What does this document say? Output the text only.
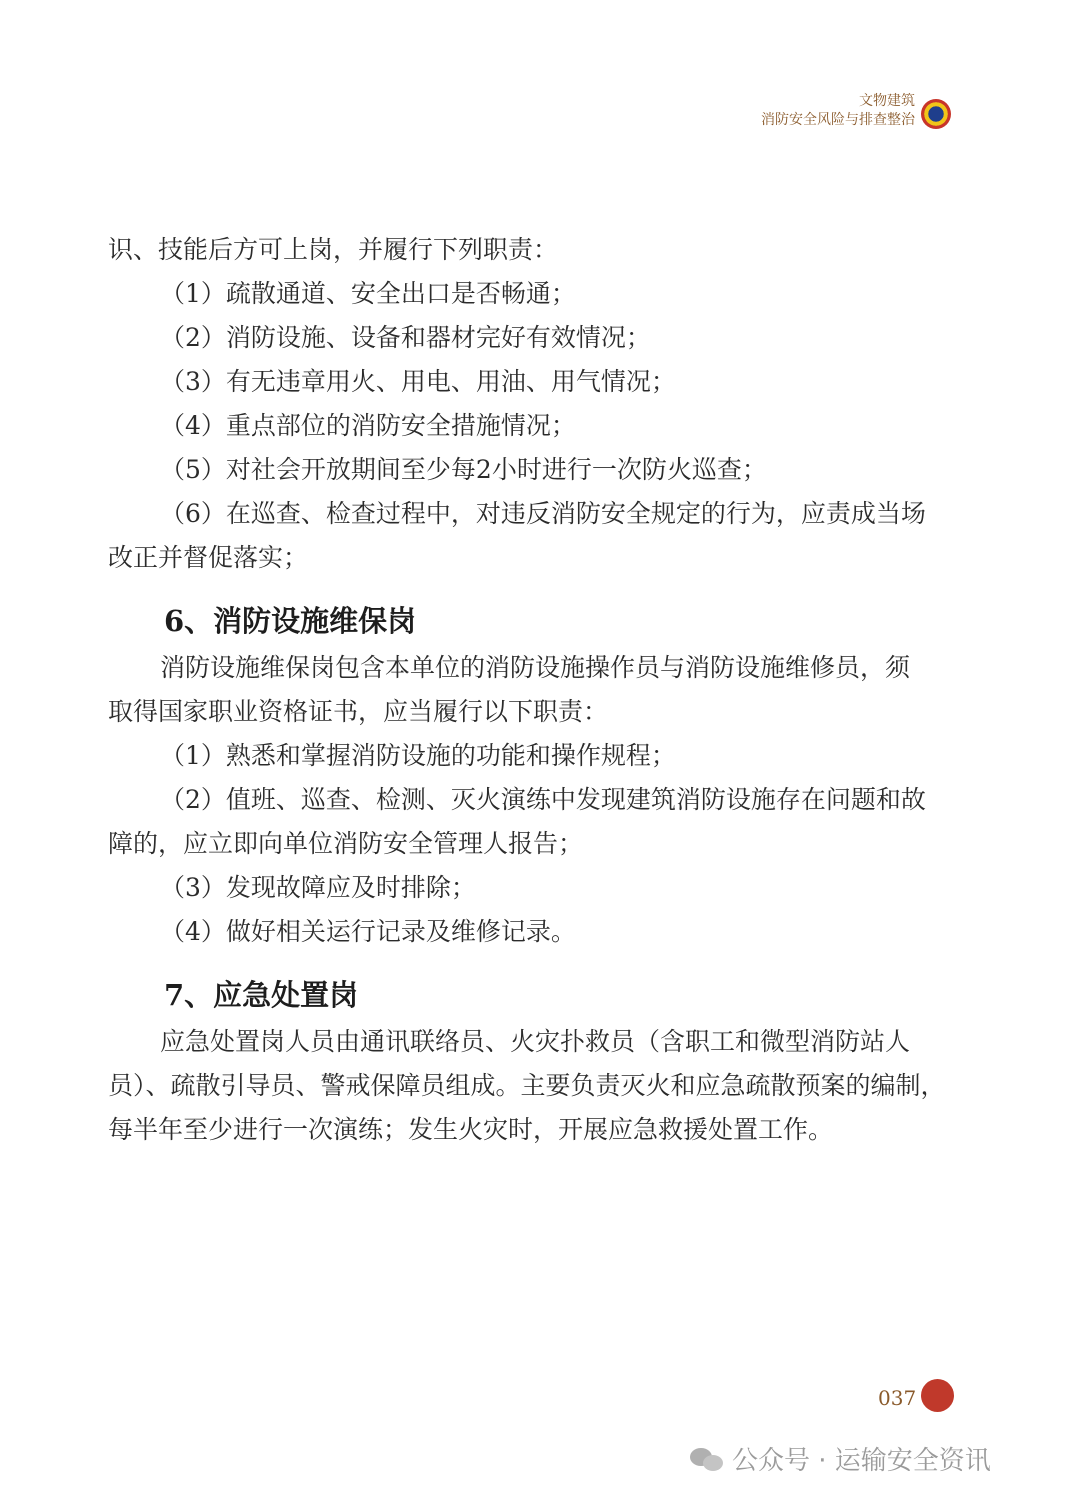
文物建筑
消防安全风险与排查整治

识、技能后方可上岗，并履行下列职责：

（1）疏散通道、安全出口是否畅通；

（2）消防设施、设备和器材完好有效情况；

（3）有无违章用火、用电、用油、用气情况；

（4）重点部位的消防安全措施情况；

（5）对社会开放期间至少每2小时进行一次防火巡查；

（6）在巡查、检查过程中，对违反消防安全规定的行为，应责成当场

改正并督促落实；

6、消防设施维保岗

消防设施维保岗包含本单位的消防设施操作员与消防设施维修员，须

取得国家职业资格证书，应当履行以下职责：

（1）熟悉和掌握消防设施的功能和操作规程；

（2）值班、巡查、检测、灭火演练中发现建筑消防设施存在问题和故

障的，应立即向单位消防安全管理人报告；

（3）发现故障应及时排除；

（4）做好相关运行记录及维修记录。

7、应急处置岗

应急处置岗人员由通讯联络员、火灾扑救员（含职工和微型消防站人

员）、疏散引导员、警戒保障员组成。主要负责灭火和应急疏散预案的编制，

每半年至少进行一次演练；发生火灾时，开展应急救援处置工作。

037
公众号 · 运输安全资讯
